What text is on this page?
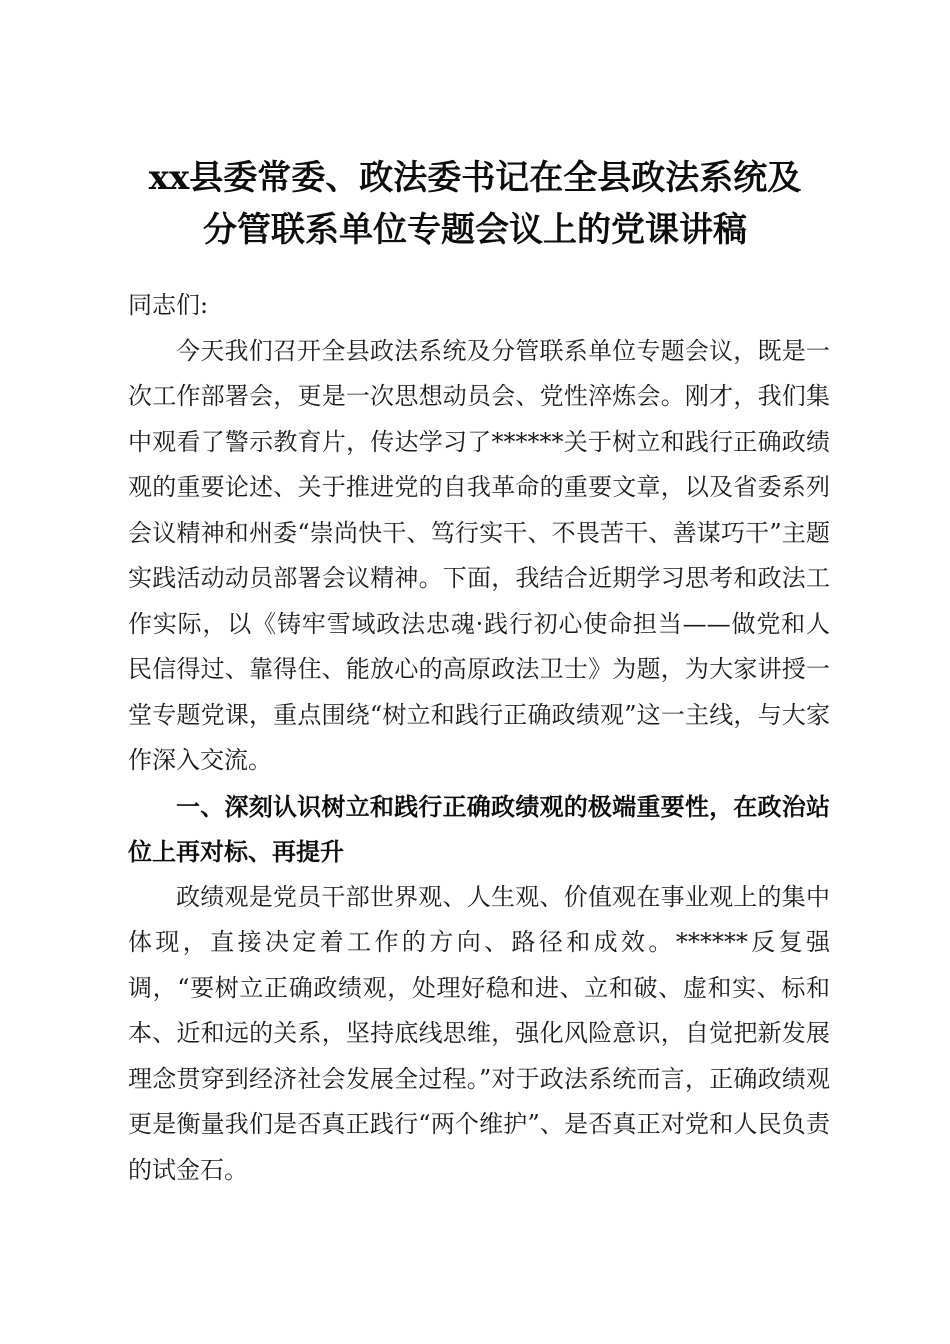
xx县委常委、政法委书记在全县政法系统及
分管联系单位专题会议上的党课讲稿

同志们:

今天我们召开全县政法系统及分管联系单位专题会议，既是一次工作部署会，更是一次思想动员会、党性淬炼会。刚才，我们集中观看了警示教育片，传达学习了******关于树立和践行正确政绩观的重要论述、关于推进党的自我革命的重要文章，以及省委系列会议精神和州委“崇尚快干、笃行实干、不畏苦干、善谋巧干”主题实践活动动员部署会议精神。下面，我结合近期学习思考和政法工作实际，以《铸牢雪域政法忠魂·践行初心使命担当——做党和人民信得过、靠得住、能放心的高原政法卫士》为题，为大家讲授一堂专题党课，重点围绕“树立和践行正确政绩观”这一主线，与大家作深入交流。

一、深刻认识树立和践行正确政绩观的极端重要性，在政治站位上再对标、再提升

政绩观是党员干部世界观、人生观、价值观在事业观上的集中体现，直接决定着工作的方向、路径和成效。******反复强调，“要树立正确政绩观，处理好稳和进、立和破、虚和实、标和本、近和远的关系，坚持底线思维，强化风险意识，自觉把新发展理念贯穿到经济社会发展全过程。”对于政法系统而言，正确政绩观更是衡量我们是否真正践行“两个维护”、是否真正对党和人民负责的试金石。
